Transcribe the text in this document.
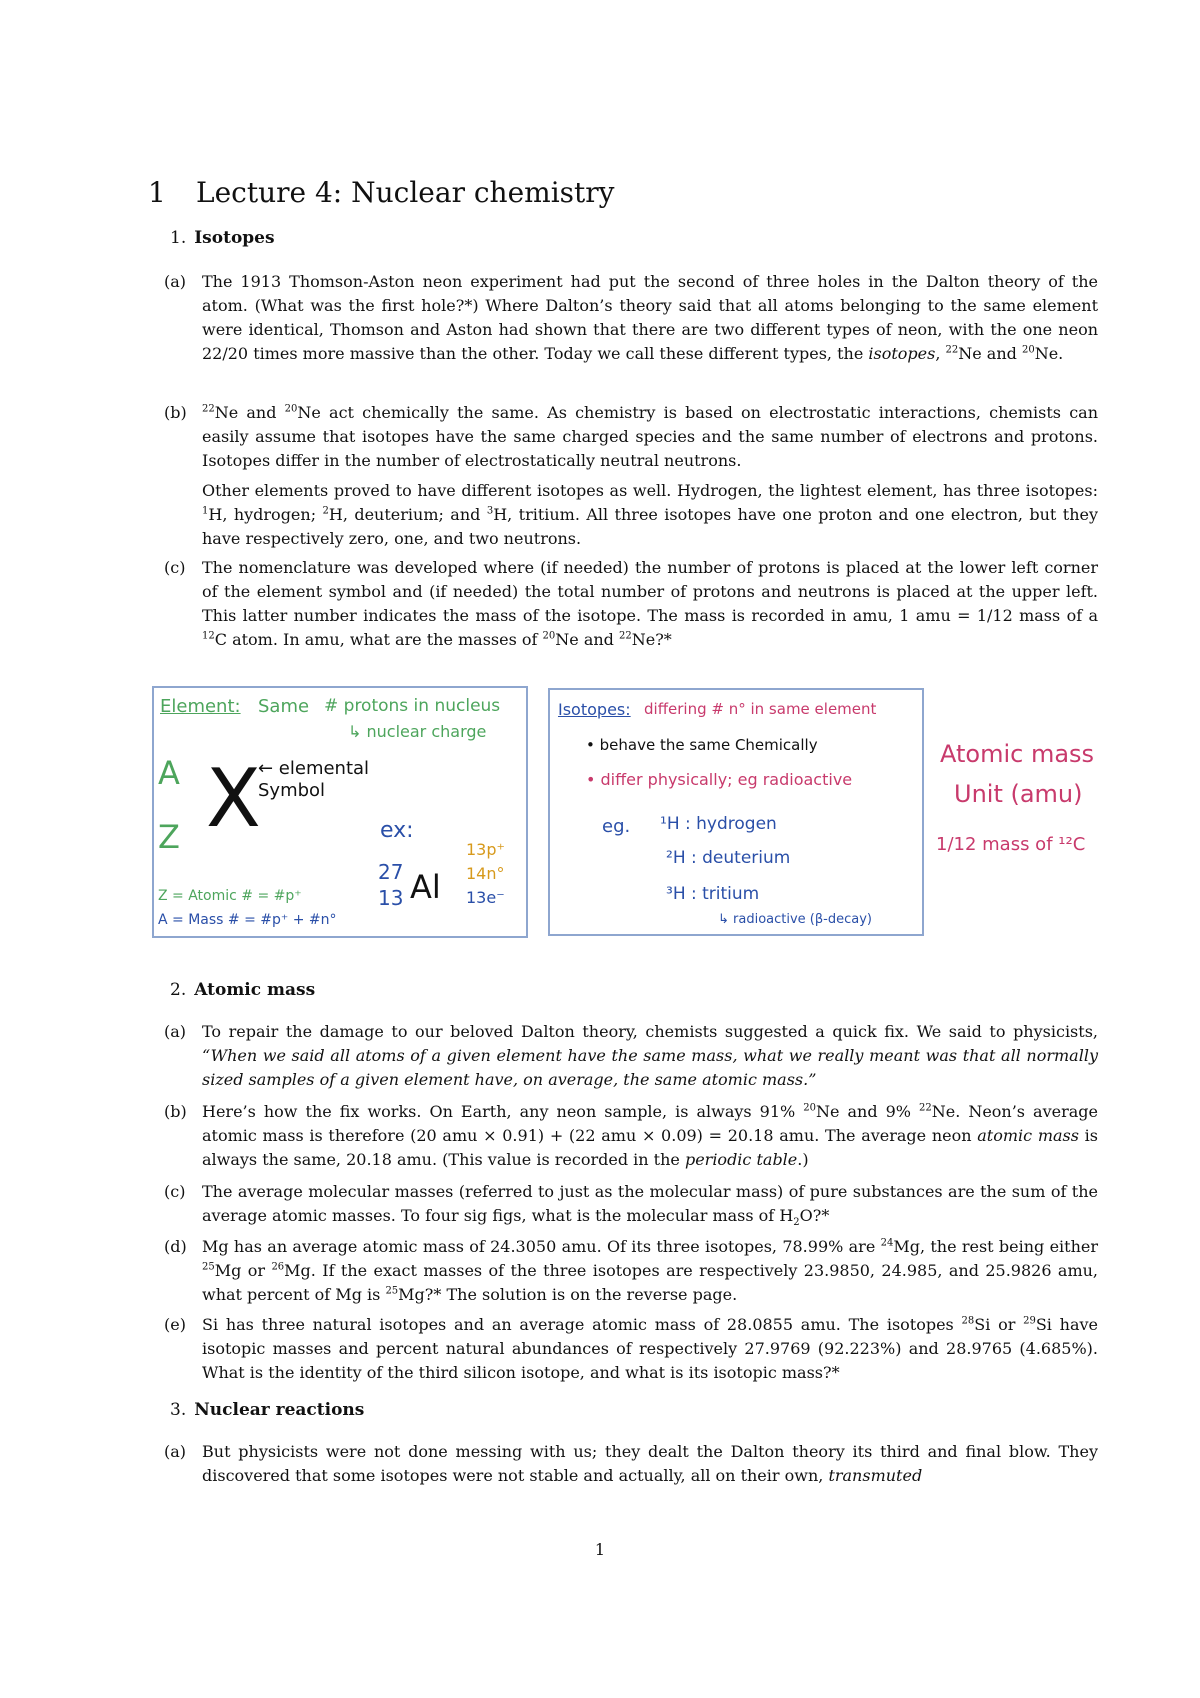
1 Lecture 4: Nuclear chemistry
1. Isotopes
(a) The 1913 Thomson-Aston neon experiment had put the second of three holes in the Dalton theory of the atom. (What was the first hole?*) Where Dalton’s theory said that all atoms belonging to the same element were identical, Thomson and Aston had shown that there are two different types of neon, with the one neon 22/20 times more massive than the other. Today we call these different types, the isotopes, $^{22}$Ne and $^{20}$Ne.

(b) $^{22}$Ne and $^{20}$Ne act chemically the same. As chemistry is based on electrostatic interactions, chemists can easily assume that isotopes have the same charged species and the same number of electrons and protons. Isotopes differ in the number of electrostatically neutral neutrons.

Other elements proved to have different isotopes as well. Hydrogen, the lightest element, has three isotopes: $^1$H, hydrogen; $^2$H, deuterium; and $^3$H, tritium. All three isotopes have one proton and one electron, but they have respectively zero, one, and two neutrons.

(c) The nomenclature was developed where (if needed) the number of protons is placed at the lower left corner of the element symbol and (if needed) the total number of protons and neutrons is placed at the upper left. This latter number indicates the mass of the isotope. The mass is recorded in amu, 1 amu = 1/12 mass of a $^{12}$C atom. In amu, what are the masses of $^{20}$Ne and $^{22}$Ne?*

Element: Same # protons in nucleus
↳ nuclear charge
A X
Z
← elemental Symbol
ex:
27
13 Al
13p⁺
14n°
13e⁻
Z = Atomic # = #p⁺
A = Mass # = #p⁺ + #n°
Isotopes: differing # n° in same element
• behave the same Chemically
• differ physically; eg radioactive
eg. ¹H : hydrogen
²H : deuterium
³H : tritium
↳ radioactive (β-decay)
Atomic mass
Unit (amu)
1/12 mass of ¹²C
2. Atomic mass
(a) To repair the damage to our beloved Dalton theory, chemists suggested a quick fix. We said to physicists, “When we said all atoms of a given element have the same mass, what we really meant was that all normally sized samples of a given element have, on average, the same atomic mass.”

(b) Here’s how the fix works. On Earth, any neon sample, is always 91% $^{20}$Ne and 9% $^{22}$Ne. Neon’s average atomic mass is therefore (20 amu × 0.91) + (22 amu × 0.09) = 20.18 amu. The average neon atomic mass is always the same, 20.18 amu. (This value is recorded in the periodic table.)

(c) The average molecular masses (referred to just as the molecular mass) of pure substances are the sum of the average atomic masses. To four sig figs, what is the molecular mass of $H_2O?*$

(d) Mg has an average atomic mass of 24.3050 amu. Of its three isotopes, 78.99% are $^{24}$Mg, the rest being either $^{25}$Mg or $^{26}$Mg. If the exact masses of the three isotopes are respectively 23.9850, 24.985, and 25.9826 amu, what percent of Mg is $^{25}$Mg?* The solution is on the reverse page.

(e) Si has three natural isotopes and an average atomic mass of 28.0855 amu. The isotopes $^{28}$Si or $^{29}$Si have isotopic masses and percent natural abundances of respectively 27.9769 (92.223%) and 28.9765 (4.685%). What is the identity of the third silicon isotope, and what is its isotopic mass?*

3. Nuclear reactions
(a) But physicists were not done messing with us; they dealt the Dalton theory its third and final blow. They discovered that some isotopes were not stable and actually, all on their own, transmuted

1
